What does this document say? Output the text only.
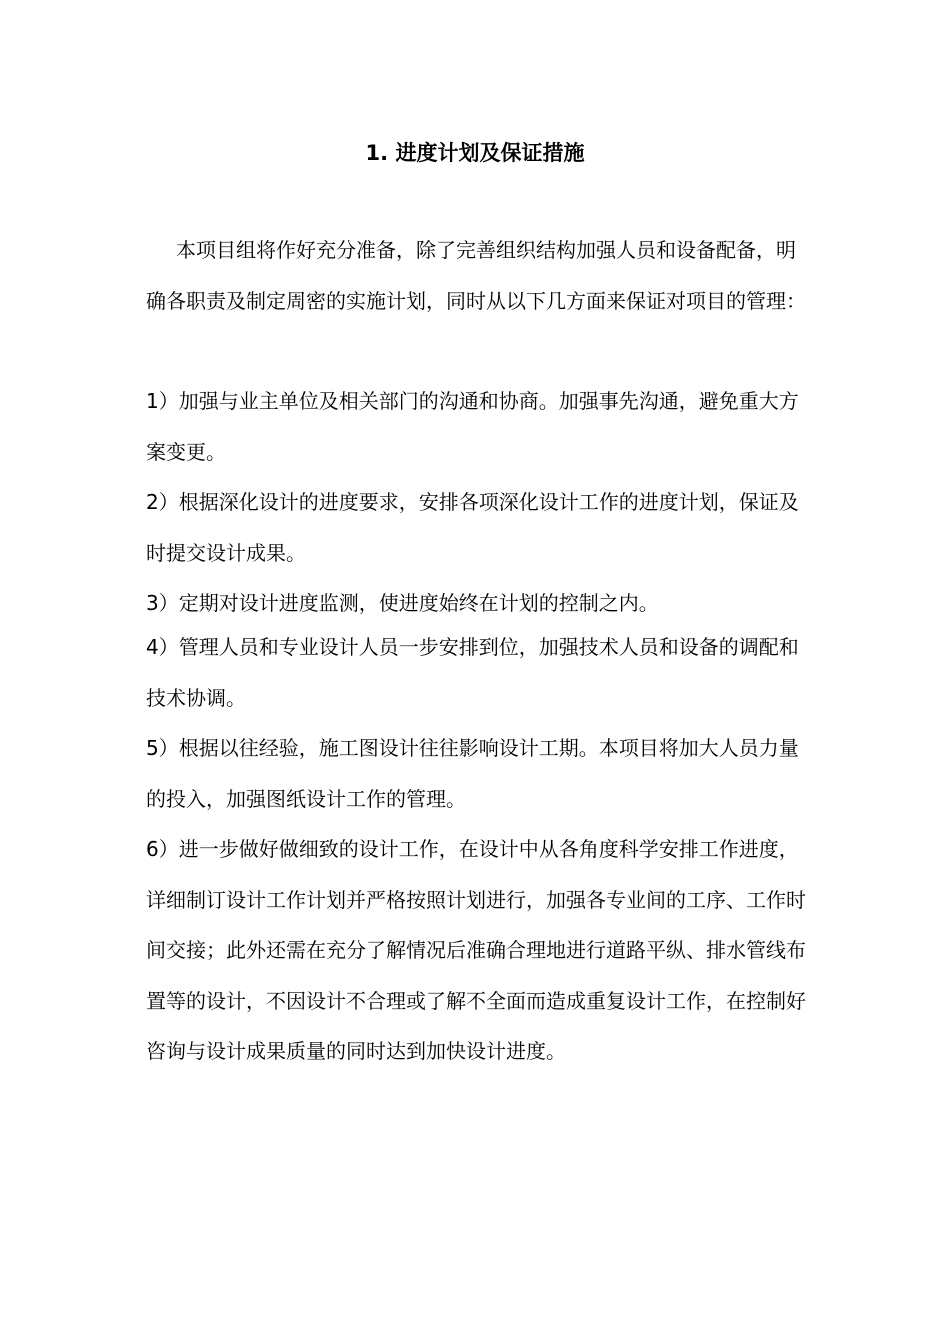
1. 进度计划及保证措施

本项目组将作好充分准备，除了完善组织结构加强人员和设备配备，明确各职责及制定周密的实施计划，同时从以下几方面来保证对项目的管理：

1）加强与业主单位及相关部门的沟通和协商。加强事先沟通，避免重大方案变更。

2）根据深化设计的进度要求，安排各项深化设计工作的进度计划，保证及时提交设计成果。

3）定期对设计进度监测，使进度始终在计划的控制之内。

4）管理人员和专业设计人员一步安排到位，加强技术人员和设备的调配和技术协调。

5）根据以往经验，施工图设计往往影响设计工期。本项目将加大人员力量的投入，加强图纸设计工作的管理。

6）进一步做好做细致的设计工作，在设计中从各角度科学安排工作进度，详细制订设计工作计划并严格按照计划进行，加强各专业间的工序、工作时间交接；此外还需在充分了解情况后准确合理地进行道路平纵、排水管线布置等的设计，不因设计不合理或了解不全面而造成重复设计工作，在控制好咨询与设计成果质量的同时达到加快设计进度。
